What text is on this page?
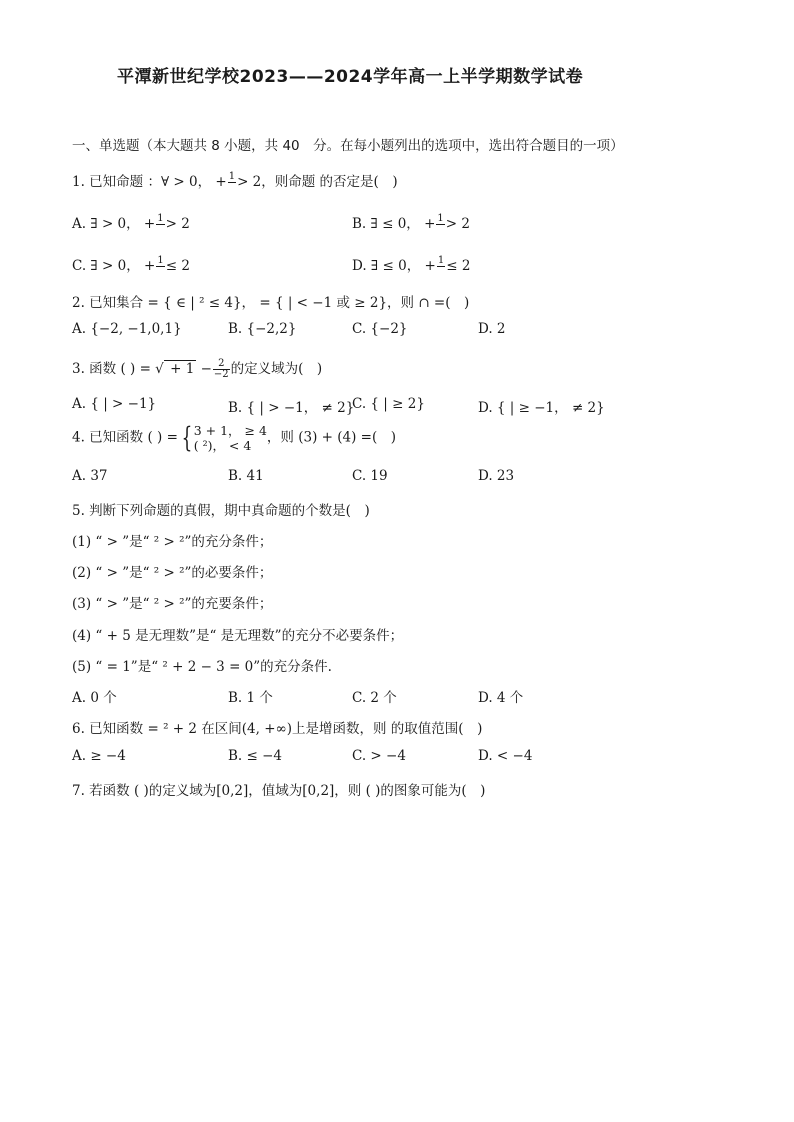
平潭新世纪学校2023——2024学年高一上半学期数学试卷
一、单选题（本大题共 8 小题，共 40　分。在每小题列出的选项中，选出符合题目的一项）
1. 已知命题 ：∀ > 0， + 1
> 2，则命题 的否定是(　)
A. ∃ > 0， + 1
> 2	B. ∃ ≤ 0， + 1
> 2
C. ∃ > 0， + 1
≤ 2	D. ∃ ≤ 0， + 1
≤ 2
2. 已知集合 = { ∈ | ² ≤ 4}， = { | < −1 或 ≥ 2}，则 ∩ =(　)
A. {−2, −1,0,1}	B. {−2,2}	C. {−2}	D. 2
3. 函数 ( ) = √ + $1 - \frac{2}{-2}$ 的定义域为(　)
A. { | > −1}	B. { | > −1， ≠ 2}
C. { | ≥ 2}	D. { | ≥ −1， ≠ 2}
4. 已知函数 ( ) = { 3 + 1， ≥ 4
( ²)， < 4	，则 (3) + (4) =(　)
A. 37	B. 41	C. 19	D. 23
5. 判断下列命题的真假，期中真命题的个数是(　)
(1) “ > ”是“ ² > ²”的充分条件；
(2) “ > ”是“ ² > ²”的必要条件；
(3) “ > ”是“ ² > ²”的充要条件；
(4) “ + 5 是无理数”是“ 是无理数”的充分不必要条件；
(5) “ = 1”是“ ² + 2 − 3 = 0”的充分条件.
A. 0 个	B. 1 个	C. 2 个	D. 4 个
6. 已知函数 = ² + 2 在区间(4, +∞)上是增函数，则 的取值范围(　)
A. ≥ −4	B. ≤ −4	C. > −4	D. < −4
7. 若函数 ( )的定义域为[0,2]，值域为[0,2]，则 ( )的图象可能为(　)
